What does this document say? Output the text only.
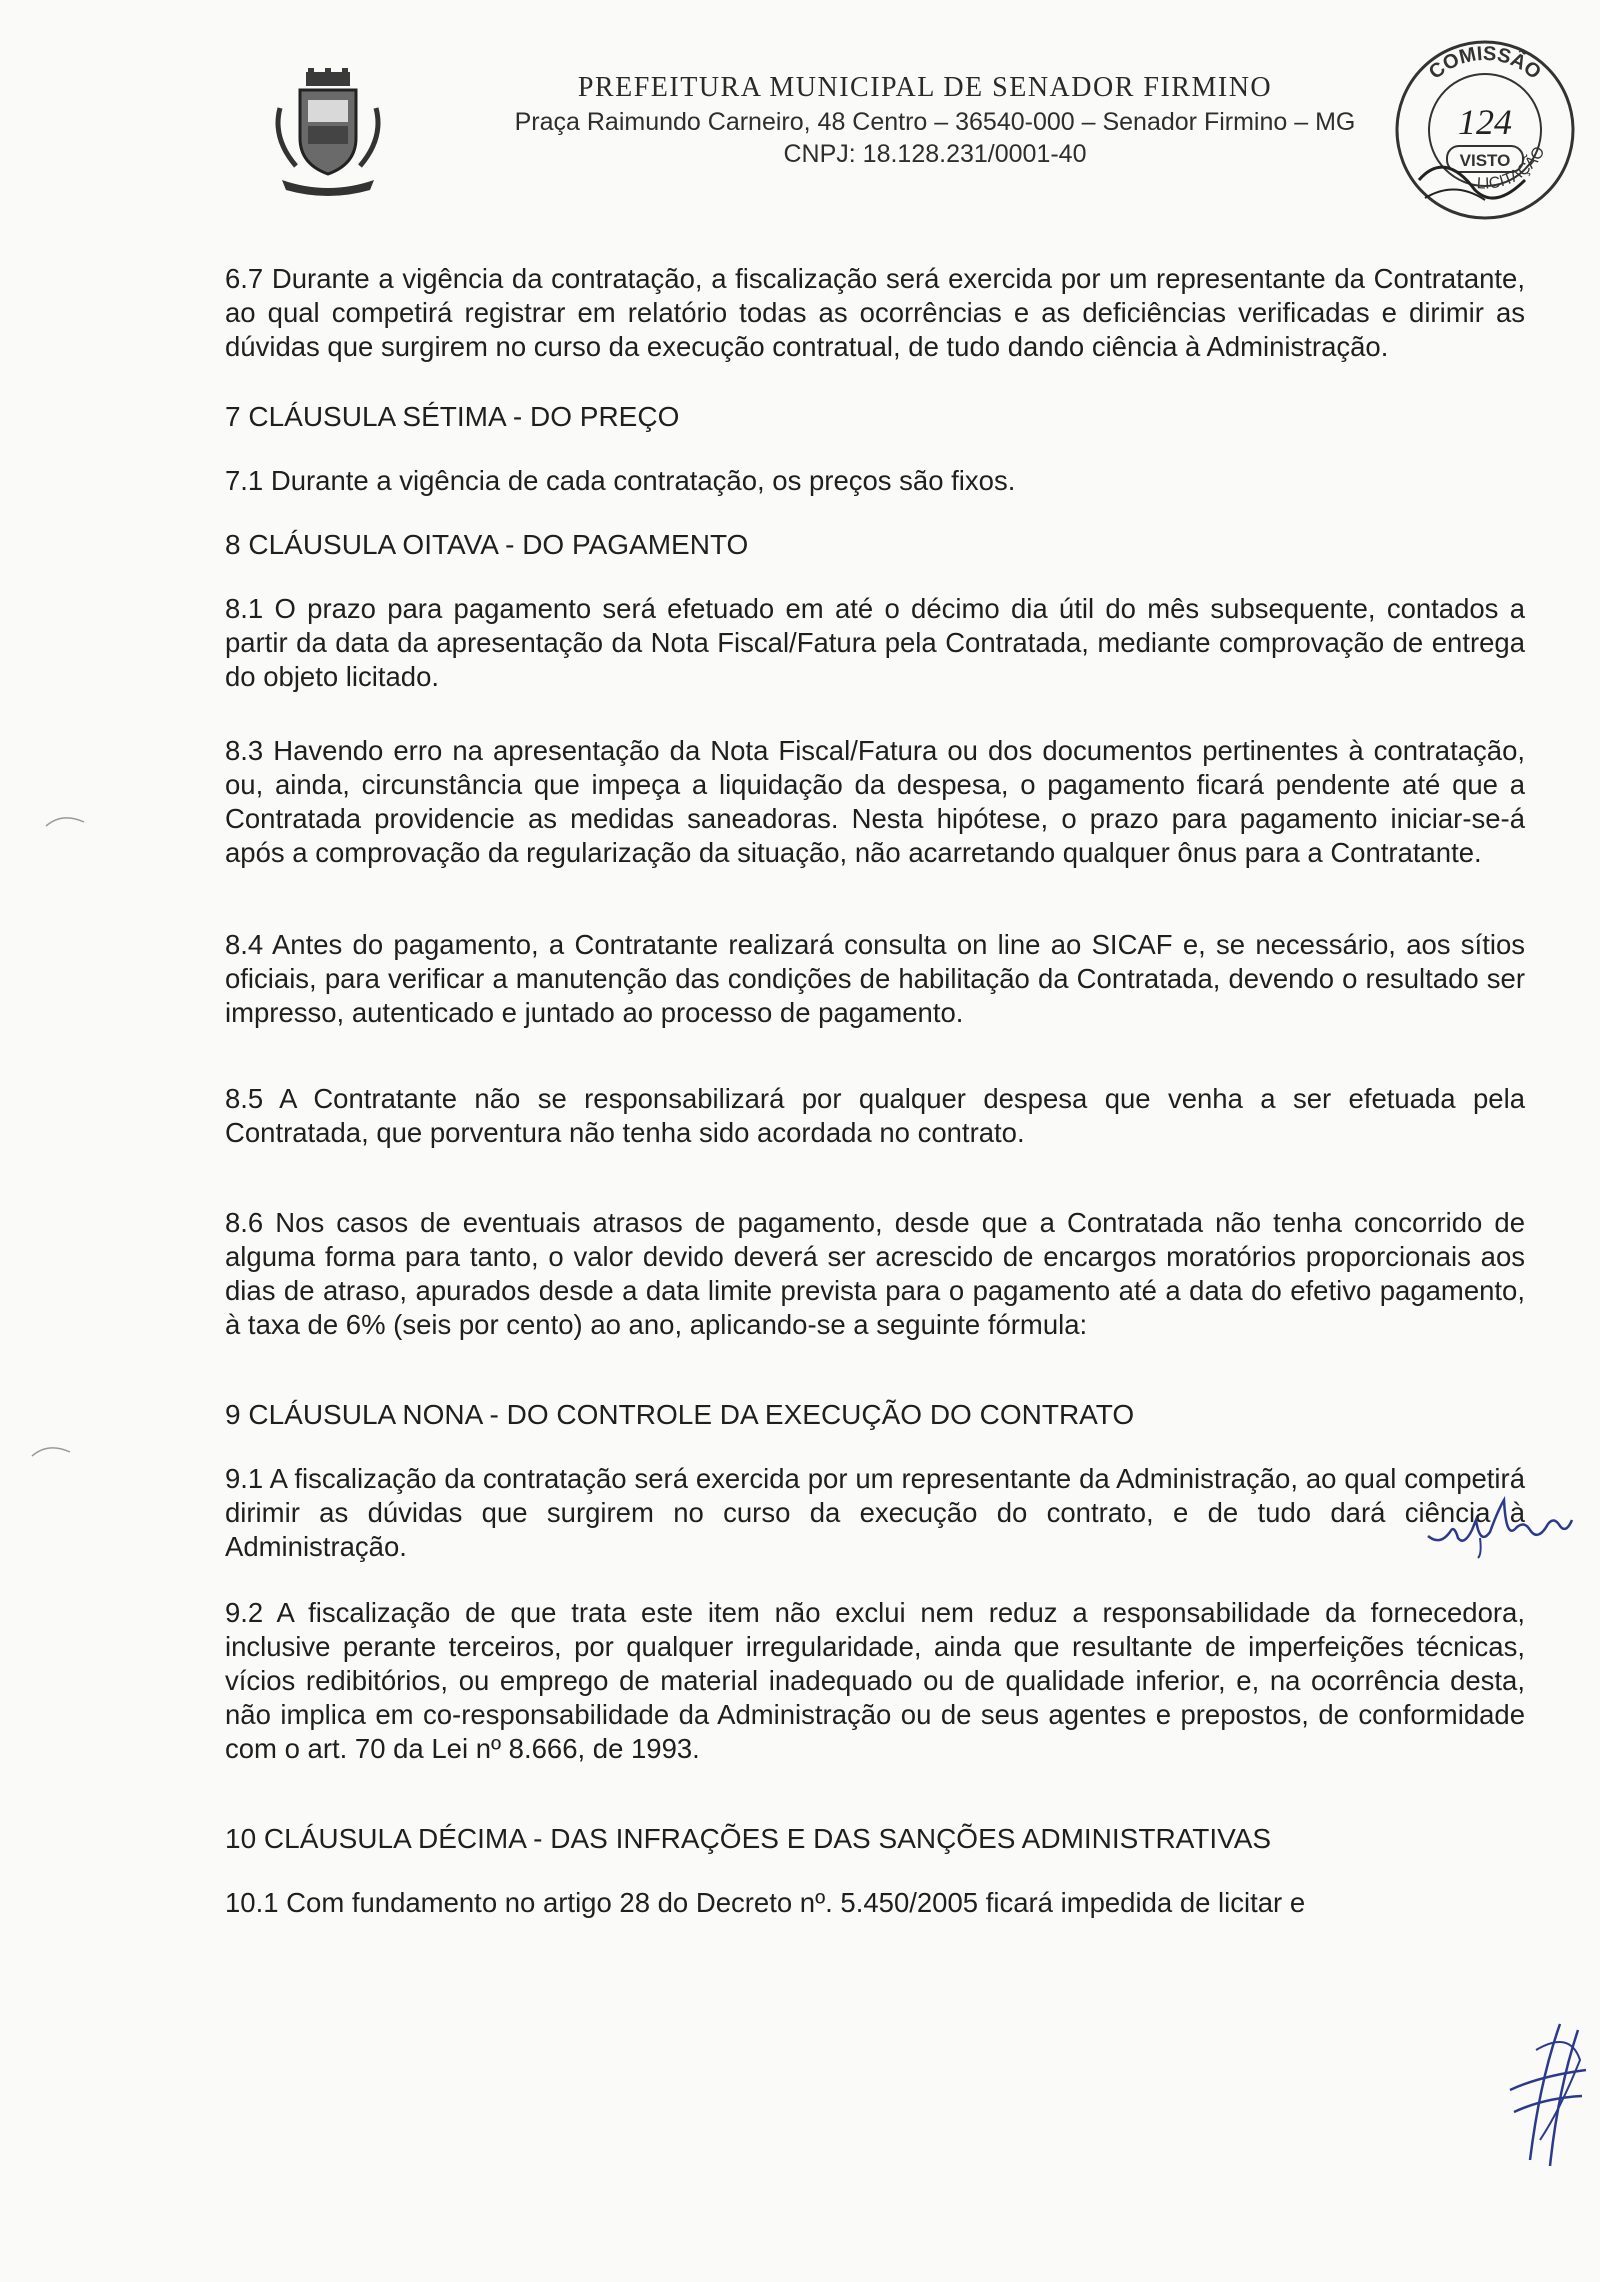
PREFEITURA MUNICIPAL DE SENADOR FIRMINO
Praça Raimundo Carneiro, 48 Centro – 36540-000 – Senador Firmino – MG
CNPJ: 18.128.231/0001-40
COMISSÃO
LICITAÇÃO
124
VISTO

6.7 Durante a vigência da contratação, a fiscalização será exercida por um representante da Contratante, ao qual competirá registrar em relatório todas as ocorrências e as deficiências verificadas e dirimir as dúvidas que surgirem no curso da execução contratual, de tudo dando ciência à Administração.

7 CLÁUSULA SÉTIMA - DO PREÇO

7.1 Durante a vigência de cada contratação, os preços são fixos.

8 CLÁUSULA OITAVA - DO PAGAMENTO

8.1 O prazo para pagamento será efetuado em até o décimo dia útil do mês subsequente, contados a partir da data da apresentação da Nota Fiscal/Fatura pela Contratada, mediante comprovação de entrega do objeto licitado.

8.3 Havendo erro na apresentação da Nota Fiscal/Fatura ou dos documentos pertinentes à contratação, ou, ainda, circunstância que impeça a liquidação da despesa, o pagamento ficará pendente até que a Contratada providencie as medidas saneadoras. Nesta hipótese, o prazo para pagamento iniciar-se-á após a comprovação da regularização da situação, não acarretando qualquer ônus para a Contratante.

8.4 Antes do pagamento, a Contratante realizará consulta on line ao SICAF e, se necessário, aos sítios oficiais, para verificar a manutenção das condições de habilitação da Contratada, devendo o resultado ser impresso, autenticado e juntado ao processo de pagamento.

8.5 A Contratante não se responsabilizará por qualquer despesa que venha a ser efetuada pela Contratada, que porventura não tenha sido acordada no contrato.

8.6 Nos casos de eventuais atrasos de pagamento, desde que a Contratada não tenha concorrido de alguma forma para tanto, o valor devido deverá ser acrescido de encargos moratórios proporcionais aos dias de atraso, apurados desde a data limite prevista para o pagamento até a data do efetivo pagamento, à taxa de 6% (seis por cento) ao ano, aplicando-se a seguinte fórmula:

9 CLÁUSULA NONA - DO CONTROLE DA EXECUÇÃO DO CONTRATO

9.1 A fiscalização da contratação será exercida por um representante da Administração, ao qual competirá dirimir as dúvidas que surgirem no curso da execução do contrato, e de tudo dará ciência à Administração.

9.2 A fiscalização de que trata este item não exclui nem reduz a responsabilidade da fornecedora, inclusive perante terceiros, por qualquer irregularidade, ainda que resultante de imperfeições técnicas, vícios redibitórios, ou emprego de material inadequado ou de qualidade inferior, e, na ocorrência desta, não implica em co-responsabilidade da Administração ou de seus agentes e prepostos, de conformidade com o art. 70 da Lei nº 8.666, de 1993.

10 CLÁUSULA DÉCIMA - DAS INFRAÇÕES E DAS SANÇÕES ADMINISTRATIVAS

10.1 Com fundamento no artigo 28 do Decreto nº. 5.450/2005 ficará impedida de licitar e
